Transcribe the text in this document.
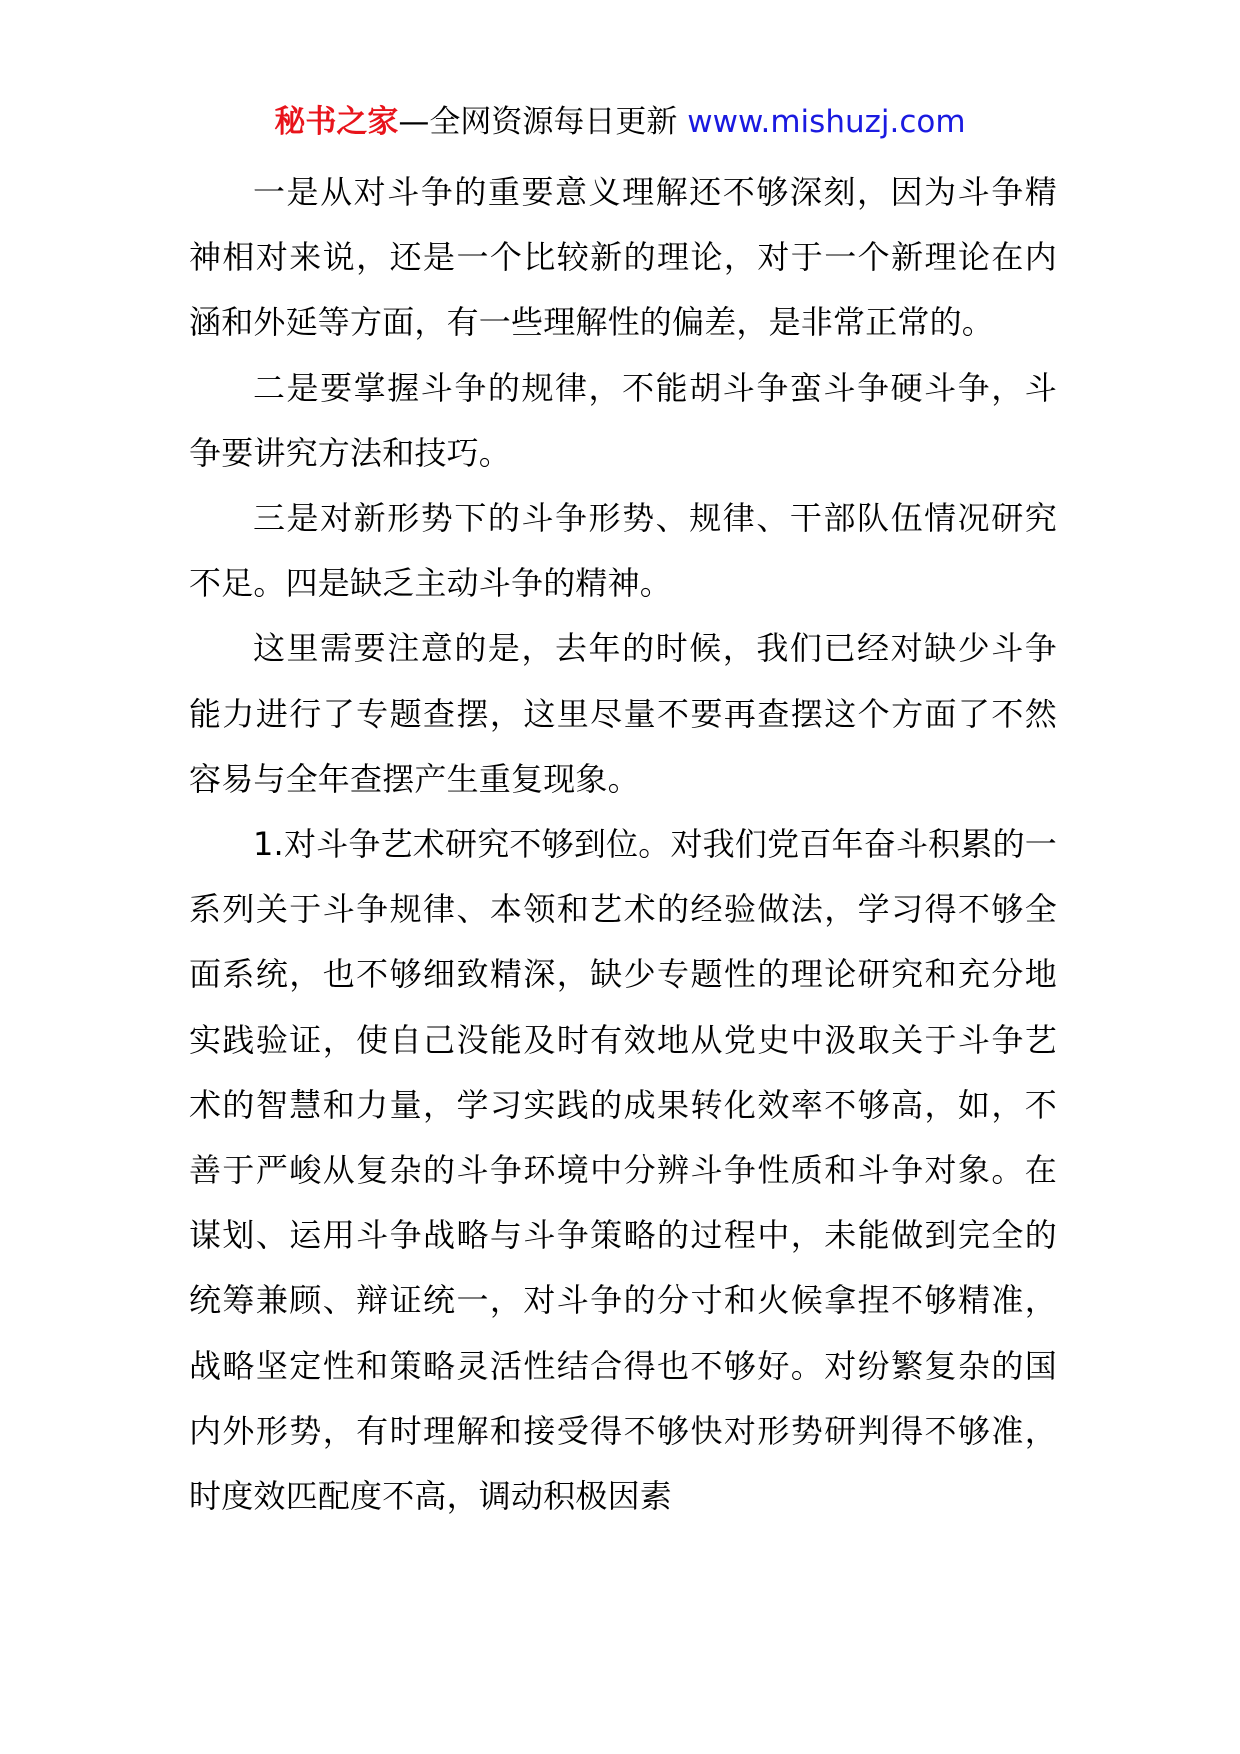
秘书之家—全网资源每日更新 www.mishuzj.com

一是从对斗争的重要意义理解还不够深刻，因为斗争精神相对来说，还是一个比较新的理论，对于一个新理论在内涵和外延等方面，有一些理解性的偏差，是非常正常的。

二是要掌握斗争的规律，不能胡斗争蛮斗争硬斗争，斗争要讲究方法和技巧。

三是对新形势下的斗争形势、规律、干部队伍情况研究不足。四是缺乏主动斗争的精神。

这里需要注意的是，去年的时候，我们已经对缺少斗争能力进行了专题查摆，这里尽量不要再查摆这个方面了不然容易与全年查摆产生重复现象。

1.对斗争艺术研究不够到位。对我们党百年奋斗积累的一系列关于斗争规律、本领和艺术的经验做法，学习得不够全面系统，也不够细致精深，缺少专题性的理论研究和充分地实践验证，使自己没能及时有效地从党史中汲取关于斗争艺术的智慧和力量，学习实践的成果转化效率不够高，如，不善于严峻从复杂的斗争环境中分辨斗争性质和斗争对象。在谋划、运用斗争战略与斗争策略的过程中，未能做到完全的统筹兼顾、辩证统一，对斗争的分寸和火候拿捏不够精准，战略坚定性和策略灵活性结合得也不够好。对纷繁复杂的国内外形势，有时理解和接受得不够快对形势研判得不够准，时度效匹配度不高，调动积极因素
